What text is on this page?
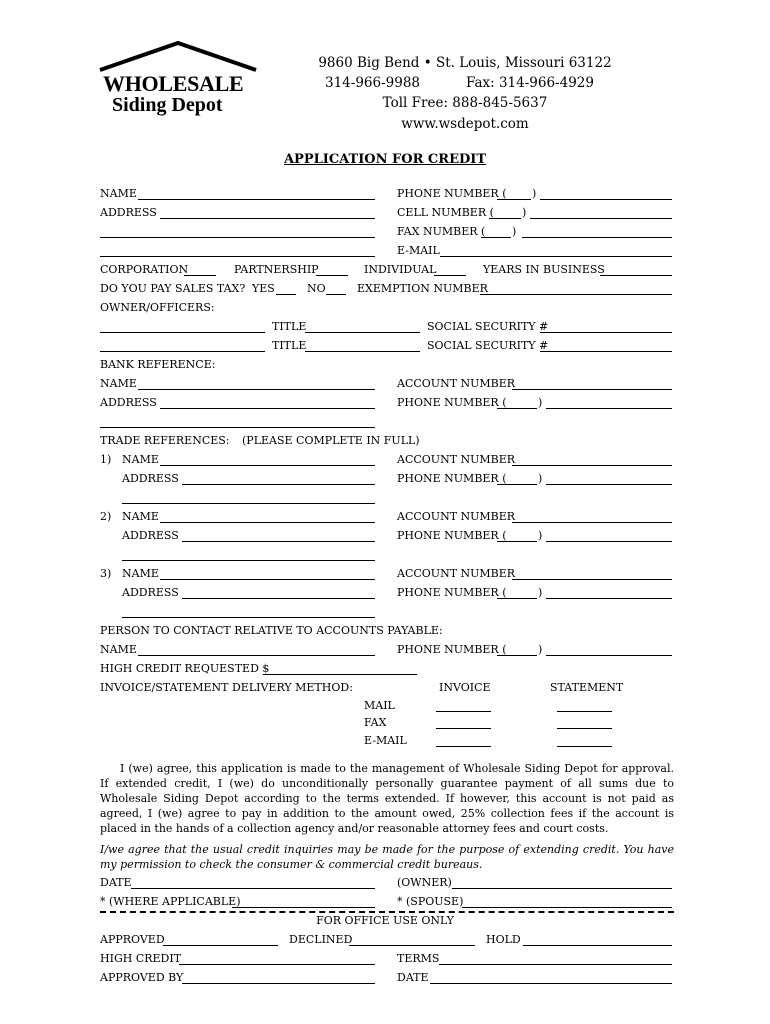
WHOLESALE
Siding Depot
9860 Big Bend • St. Louis, Missouri 63122
314-966-9988	Fax: 314-966-4929
Toll Free: 888-845-5637
www.wsdepot.com
APPLICATION FOR CREDIT
NAME	PHONE NUMBER ( )
ADDRESS	CELL NUMBER (	)
FAX NUMBER ( )
E-MAIL
CORPORATION	PARTNERSHIP	INDIVIDUAL	YEARS IN BUSINESS
DO YOU PAY SALES TAX? YES	NO	EXEMPTION NUMBER
OWNER/OFFICERS:
TITLE	SOCIAL SECURITY #
TITLE	SOCIAL SECURITY #
BANK REFERENCE:
NAME	ACCOUNT NUMBER
ADDRESS	PHONE NUMBER (	)
TRADE REFERENCES: (PLEASE COMPLETE IN FULL)
1) NAME	ACCOUNT NUMBER
ADDRESS	PHONE NUMBER (	)
2) NAME	ACCOUNT NUMBER
ADDRESS	PHONE NUMBER (	)
3) NAME	ACCOUNT NUMBER
ADDRESS	PHONE NUMBER (	)
PERSON TO CONTACT RELATIVE TO ACCOUNTS PAYABLE:
NAME	PHONE NUMBER (	)
HIGH CREDIT REQUESTED $
INVOICE/STATEMENT DELIVERY METHOD:	INVOICE	STATEMENT
MAIL
FAX
E-MAIL
I (we) agree, this application is made to the management of Wholesale Siding Depot for approval. If extended credit, I (we) do unconditionally personally guarantee payment of all sums due to Wholesale Siding Depot according to the terms extended. If however, this account is not paid as agreed, I (we) agree to pay in addition to the amount owed, 25% collection fees if the account is placed in the hands of a collection agency and/or reasonable attorney fees and court costs.
I/we agree that the usual credit inquiries may be made for the purpose of extending credit. You have my permission to check the consumer & commercial credit bureaus.
DATE	(OWNER)
* (WHERE APPLICABLE)	* (SPOUSE)
FOR OFFICE USE ONLY
APPROVED	DECLINED	HOLD
HIGH CREDIT	TERMS
APPROVED BY	DATE
